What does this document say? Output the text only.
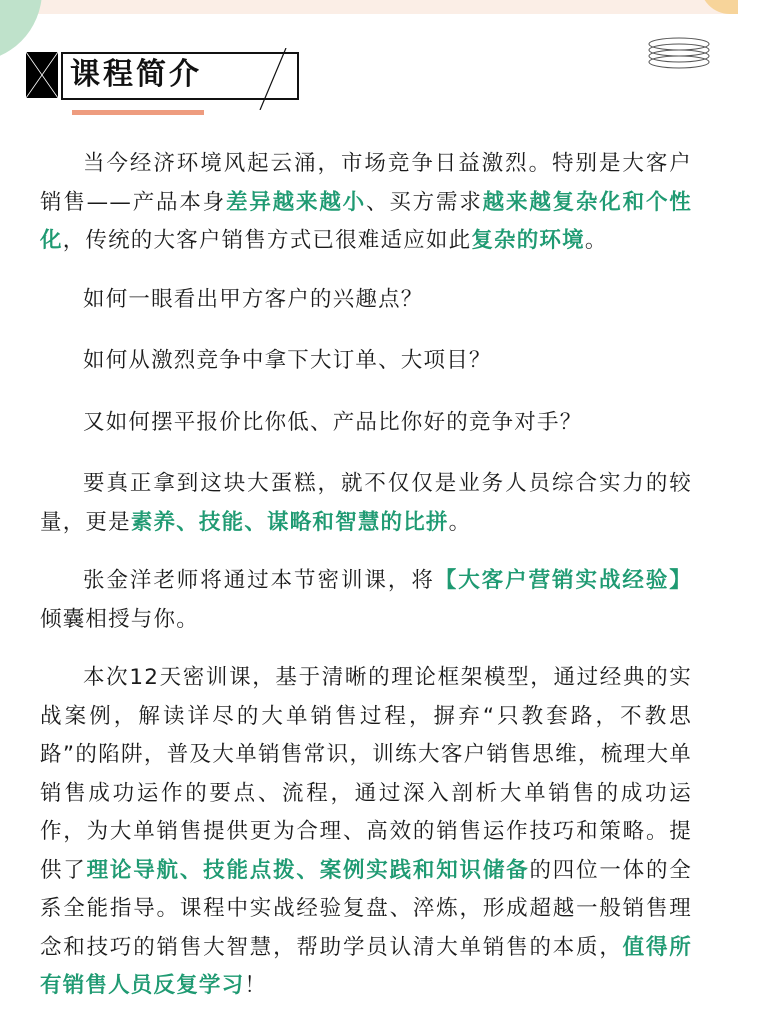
课程简介

当今经济环境风起云涌，市场竞争日益激烈。特别是大客户销售——产品本身差异越来越小、买方需求越来越复杂化和个性化，传统的大客户销售方式已很难适应如此复杂的环境。

如何一眼看出甲方客户的兴趣点？

如何从激烈竞争中拿下大订单、大项目？

又如何摆平报价比你低、产品比你好的竞争对手？

要真正拿到这块大蛋糕，就不仅仅是业务人员综合实力的较量，更是素养、技能、谋略和智慧的比拼。

张金洋老师将通过本节密训课，将【大客户营销实战经验】倾囊相授与你。

本次12天密训课，基于清晰的理论框架模型，通过经典的实战案例，解读详尽的大单销售过程，摒弃“只教套路，不教思路”的陷阱，普及大单销售常识，训练大客户销售思维，梳理大单销售成功运作的要点、流程，通过深入剖析大单销售的成功运作，为大单销售提供更为合理、高效的销售运作技巧和策略。提供了理论导航、技能点拨、案例实践和知识储备的四位一体的全系全能指导。课程中实战经验复盘、淬炼，形成超越一般销售理念和技巧的销售大智慧，帮助学员认清大单销售的本质，值得所有销售人员反复学习！
